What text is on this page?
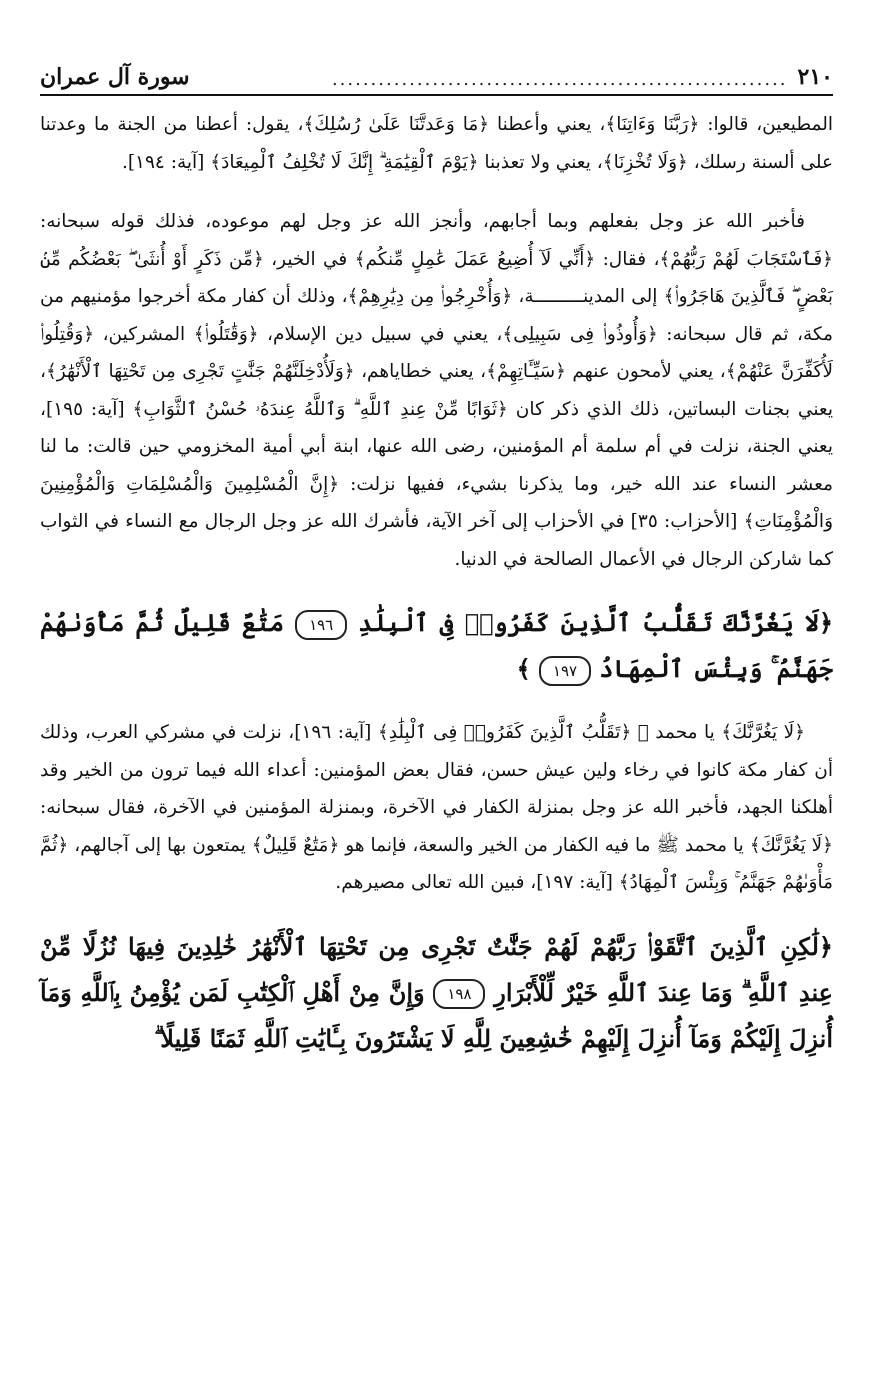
٢١٠
...........................................................
سورة آل عمران

المطيعين، قالوا: ﴿رَبَّنَا وَءَاتِنَا﴾، يعني وأعطنا ﴿مَا وَعَدتَّنَا عَلَىٰ رُسُلِكَ﴾، يقول: أعطنا من الجنة ما وعدتنا على ألسنة رسلك، ﴿وَلَا تُخْزِنَا﴾، يعني ولا تعذبنا ﴿يَوْمَ ٱلْقِيَٰمَةِ ۗ إِنَّكَ لَا تُخْلِفُ ٱلْمِيعَادَ﴾ [آية: ١٩٤].

فأخبر الله عز وجل بفعلهم وبما أجابهم، وأنجز الله عز وجل لهم موعوده، فذلك قوله سبحانه: ﴿فَٱسْتَجَابَ لَهُمْ رَبُّهُمْ﴾، فقال: ﴿أَنِّي لَآ أُضِيعُ عَمَلَ عَٰمِلٍ مِّنكُم﴾ في الخير، ﴿مِّن ذَكَرٍ أَوْ أُنثَىٰ ۖ بَعْضُكُم مِّنۢ بَعْضٍ ۖ فَٱلَّذِينَ هَاجَرُوا۟﴾ إلى المدينـــــــــة، ﴿وَأُخْرِجُوا۟ مِن دِيَٰرِهِمْ﴾، وذلك أن كفار مكة أخرجوا مؤمنيهم من مكة، ثم قال سبحانه: ﴿وَأُوذُوا۟ فِى سَبِيلِى﴾، يعني في سبيل دين الإسلام، ﴿وَقَٰتَلُوا۟﴾ المشركين، ﴿وَقُتِلُوا۟ لَأُكَفِّرَنَّ عَنْهُمْ﴾، يعني لأمحون عنهم ﴿سَيِّـَٔاتِهِمْ﴾، يعني خطاياهم، ﴿وَلَأُدْخِلَنَّهُمْ جَنَّٰتٍ تَجْرِى مِن تَحْتِهَا ٱلْأَنْهَٰرُ﴾، يعني بجنات البساتين، ذلك الذي ذكر كان ﴿ثَوَابًا مِّنْ عِندِ ٱللَّهِ ۗ وَٱللَّهُ عِندَهُۥ حُسْنُ ٱلثَّوَابِ﴾ [آية: ١٩٥]، يعني الجنة، نزلت في أم سلمة أم المؤمنين، رضى الله عنها، ابنة أبي أمية المخزومي حين قالت: ما لنا معشر النساء عند الله خير، وما يذكرنا بشيء، ففيها نزلت: ﴿إِنَّ الْمُسْلِمِينَ وَالْمُسْلِمَاتِ وَالْمُؤْمِنِينَ وَالْمُؤْمِنَاتِ﴾ [الأحزاب: ٣٥] في الأحزاب إلى آخر الآية، فأشرك الله عز وجل الرجال مع النساء في الثواب كما شاركن الرجال في الأعمال الصالحة في الدنيا.

﴿لَا يَغُرَّنَّكَ تَقَلُّبُ ٱلَّذِينَ كَفَرُوا۟ فِى ٱلْبِلَٰدِ ١٩٦ مَتَٰعٌ قَلِيلٌ ثُمَّ مَأْوَىٰهُمْ جَهَنَّمُ ۚ وَبِئْسَ ٱلْمِهَادُ ١٩٧ ﴾

﴿لَا يَغُرَّنَّكَ﴾ يا محمد ﷺ ﴿تَقَلُّبُ ٱلَّذِينَ كَفَرُوا۟ فِى ٱلْبِلَٰدِ﴾ [آية: ١٩٦]، نزلت في مشركي العرب، وذلك أن كفار مكة كانوا في رخاء ولين عيش حسن، فقال بعض المؤمنين: أعداء الله فيما ترون من الخير وقد أهلكنا الجهد، فأخبر الله عز وجل بمنزلة الكفار في الآخرة، وبمنزلة المؤمنين في الآخرة، فقال سبحانه: ﴿لَا يَغُرَّنَّكَ﴾ يا محمد ﷺ ما فيه الكفار من الخير والسعة، فإنما هو ﴿مَتَٰعٌ قَلِيلٌ﴾ يمتعون بها إلى آجالهم، ﴿ثُمَّ مَأْوَىٰهُمْ جَهَنَّمُ ۚ وَبِئْسَ ٱلْمِهَادُ﴾ [آية: ١٩٧]، فبين الله تعالى مصيرهم.

﴿لَٰكِنِ ٱلَّذِينَ ٱتَّقَوْا۟ رَبَّهُمْ لَهُمْ جَنَّٰتٌ تَجْرِى مِن تَحْتِهَا ٱلْأَنْهَٰرُ خَٰلِدِينَ فِيهَا نُزُلًا مِّنْ عِندِ ٱللَّهِ ۗ وَمَا عِندَ ٱللَّهِ خَيْرٌ لِّلْأَبْرَارِ ١٩٨ وَإِنَّ مِنْ أَهْلِ ٱلْكِتَٰبِ لَمَن يُؤْمِنُ بِٱللَّهِ وَمَآ أُنزِلَ إِلَيْكُمْ وَمَآ أُنزِلَ إِلَيْهِمْ خَٰشِعِينَ لِلَّهِ لَا يَشْتَرُونَ بِـَٔايَٰتِ ٱللَّهِ ثَمَنًا قَلِيلًا ۗ
